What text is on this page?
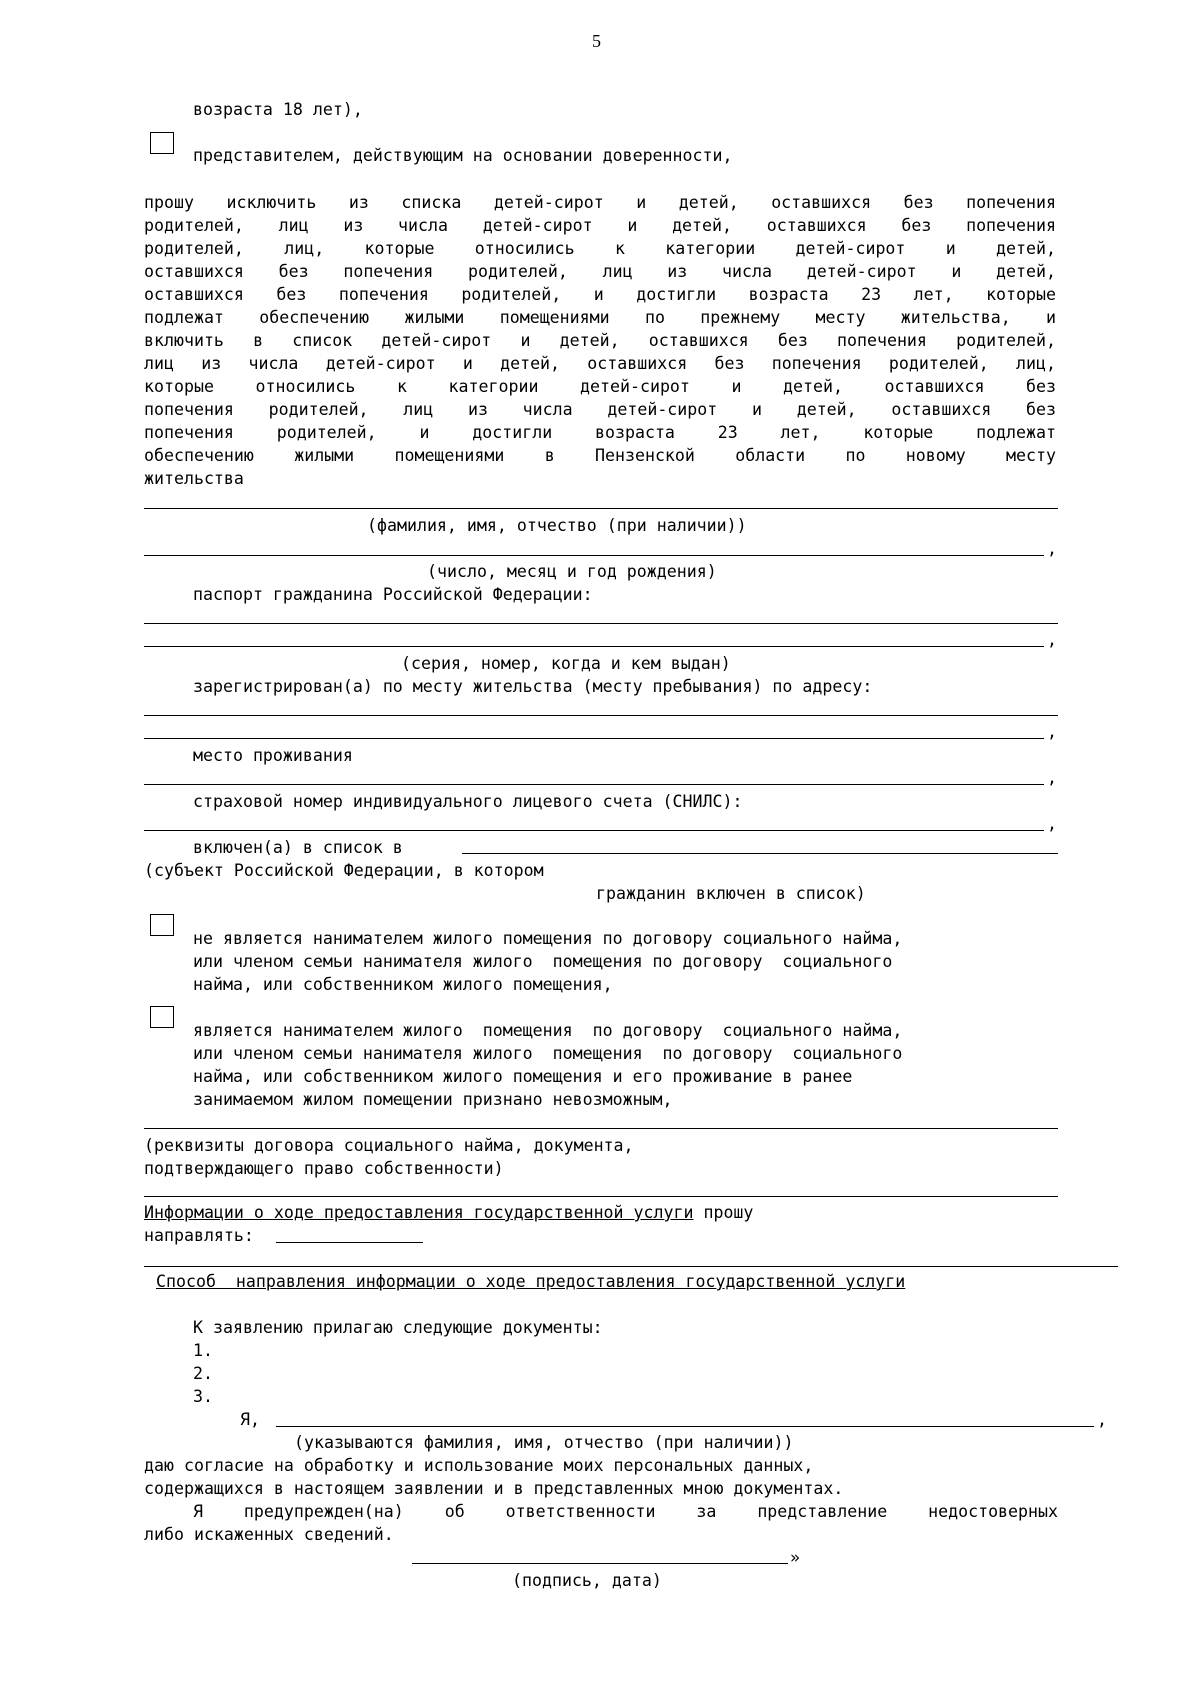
5
возраста 18 лет),
представителем, действующим на основании доверенности,
прошу исключить из списка детей-сирот и детей, оставшихся без попечения
родителей, лиц из числа детей-сирот и детей, оставшихся без попечения
родителей, лиц, которые относились к категории детей-сирот и детей,
оставшихся без попечения родителей, лиц из числа детей-сирот и детей,
оставшихся без попечения родителей, и достигли возраста 23 лет, которые
подлежат обеспечению жилыми помещениями по прежнему месту жительства, и
включить в список детей-сирот и детей, оставшихся без попечения родителей,
лиц из числа детей-сирот и детей, оставшихся без попечения родителей, лиц,
которые относились к категории детей-сирот и детей, оставшихся без
попечения родителей, лиц из числа детей-сирот и детей, оставшихся без
попечения родителей, и достигли возраста 23 лет, которые подлежат
обеспечению жилыми помещениями в Пензенской области по новому месту
жительства
(фамилия, имя, отчество (при наличии))
,
(число, месяц и год рождения)
паспорт гражданина Российской Федерации:
,
(серия, номер, когда и кем выдан)
зарегистрирован(а) по месту жительства (месту пребывания) по адресу:
,
место проживания
,
страховой номер индивидуального лицевого счета (СНИЛС):
,
включен(а) в список в
(субъект Российской Федерации, в котором
гражданин включен в список)
не является нанимателем жилого помещения по договору социального найма,
или членом семьи нанимателя жилого  помещения по договору  социального
найма, или собственником жилого помещения,
является нанимателем жилого  помещения  по договору  социального найма,
или членом семьи нанимателя жилого  помещения  по договору  социального
найма, или собственником жилого помещения и его проживание в ранее
занимаемом жилом помещении признано невозможным,
(реквизиты договора социального найма, документа,
подтверждающего право собственности)
Информации о ходе предоставления государственной услуги прошу
направлять:
Способ  направления информации о ходе предоставления государственной услуги
К заявлению прилагаю следующие документы:
1.
2.
3.
Я,	,
(указываются фамилия, имя, отчество (при наличии))
даю согласие на обработку и использование моих персональных данных,
содержащихся в настоящем заявлении и в представленных мною документах.
Я предупрежден(на) об ответственности за представление недостоверных
либо искаженных сведений.
»
(подпись, дата)
